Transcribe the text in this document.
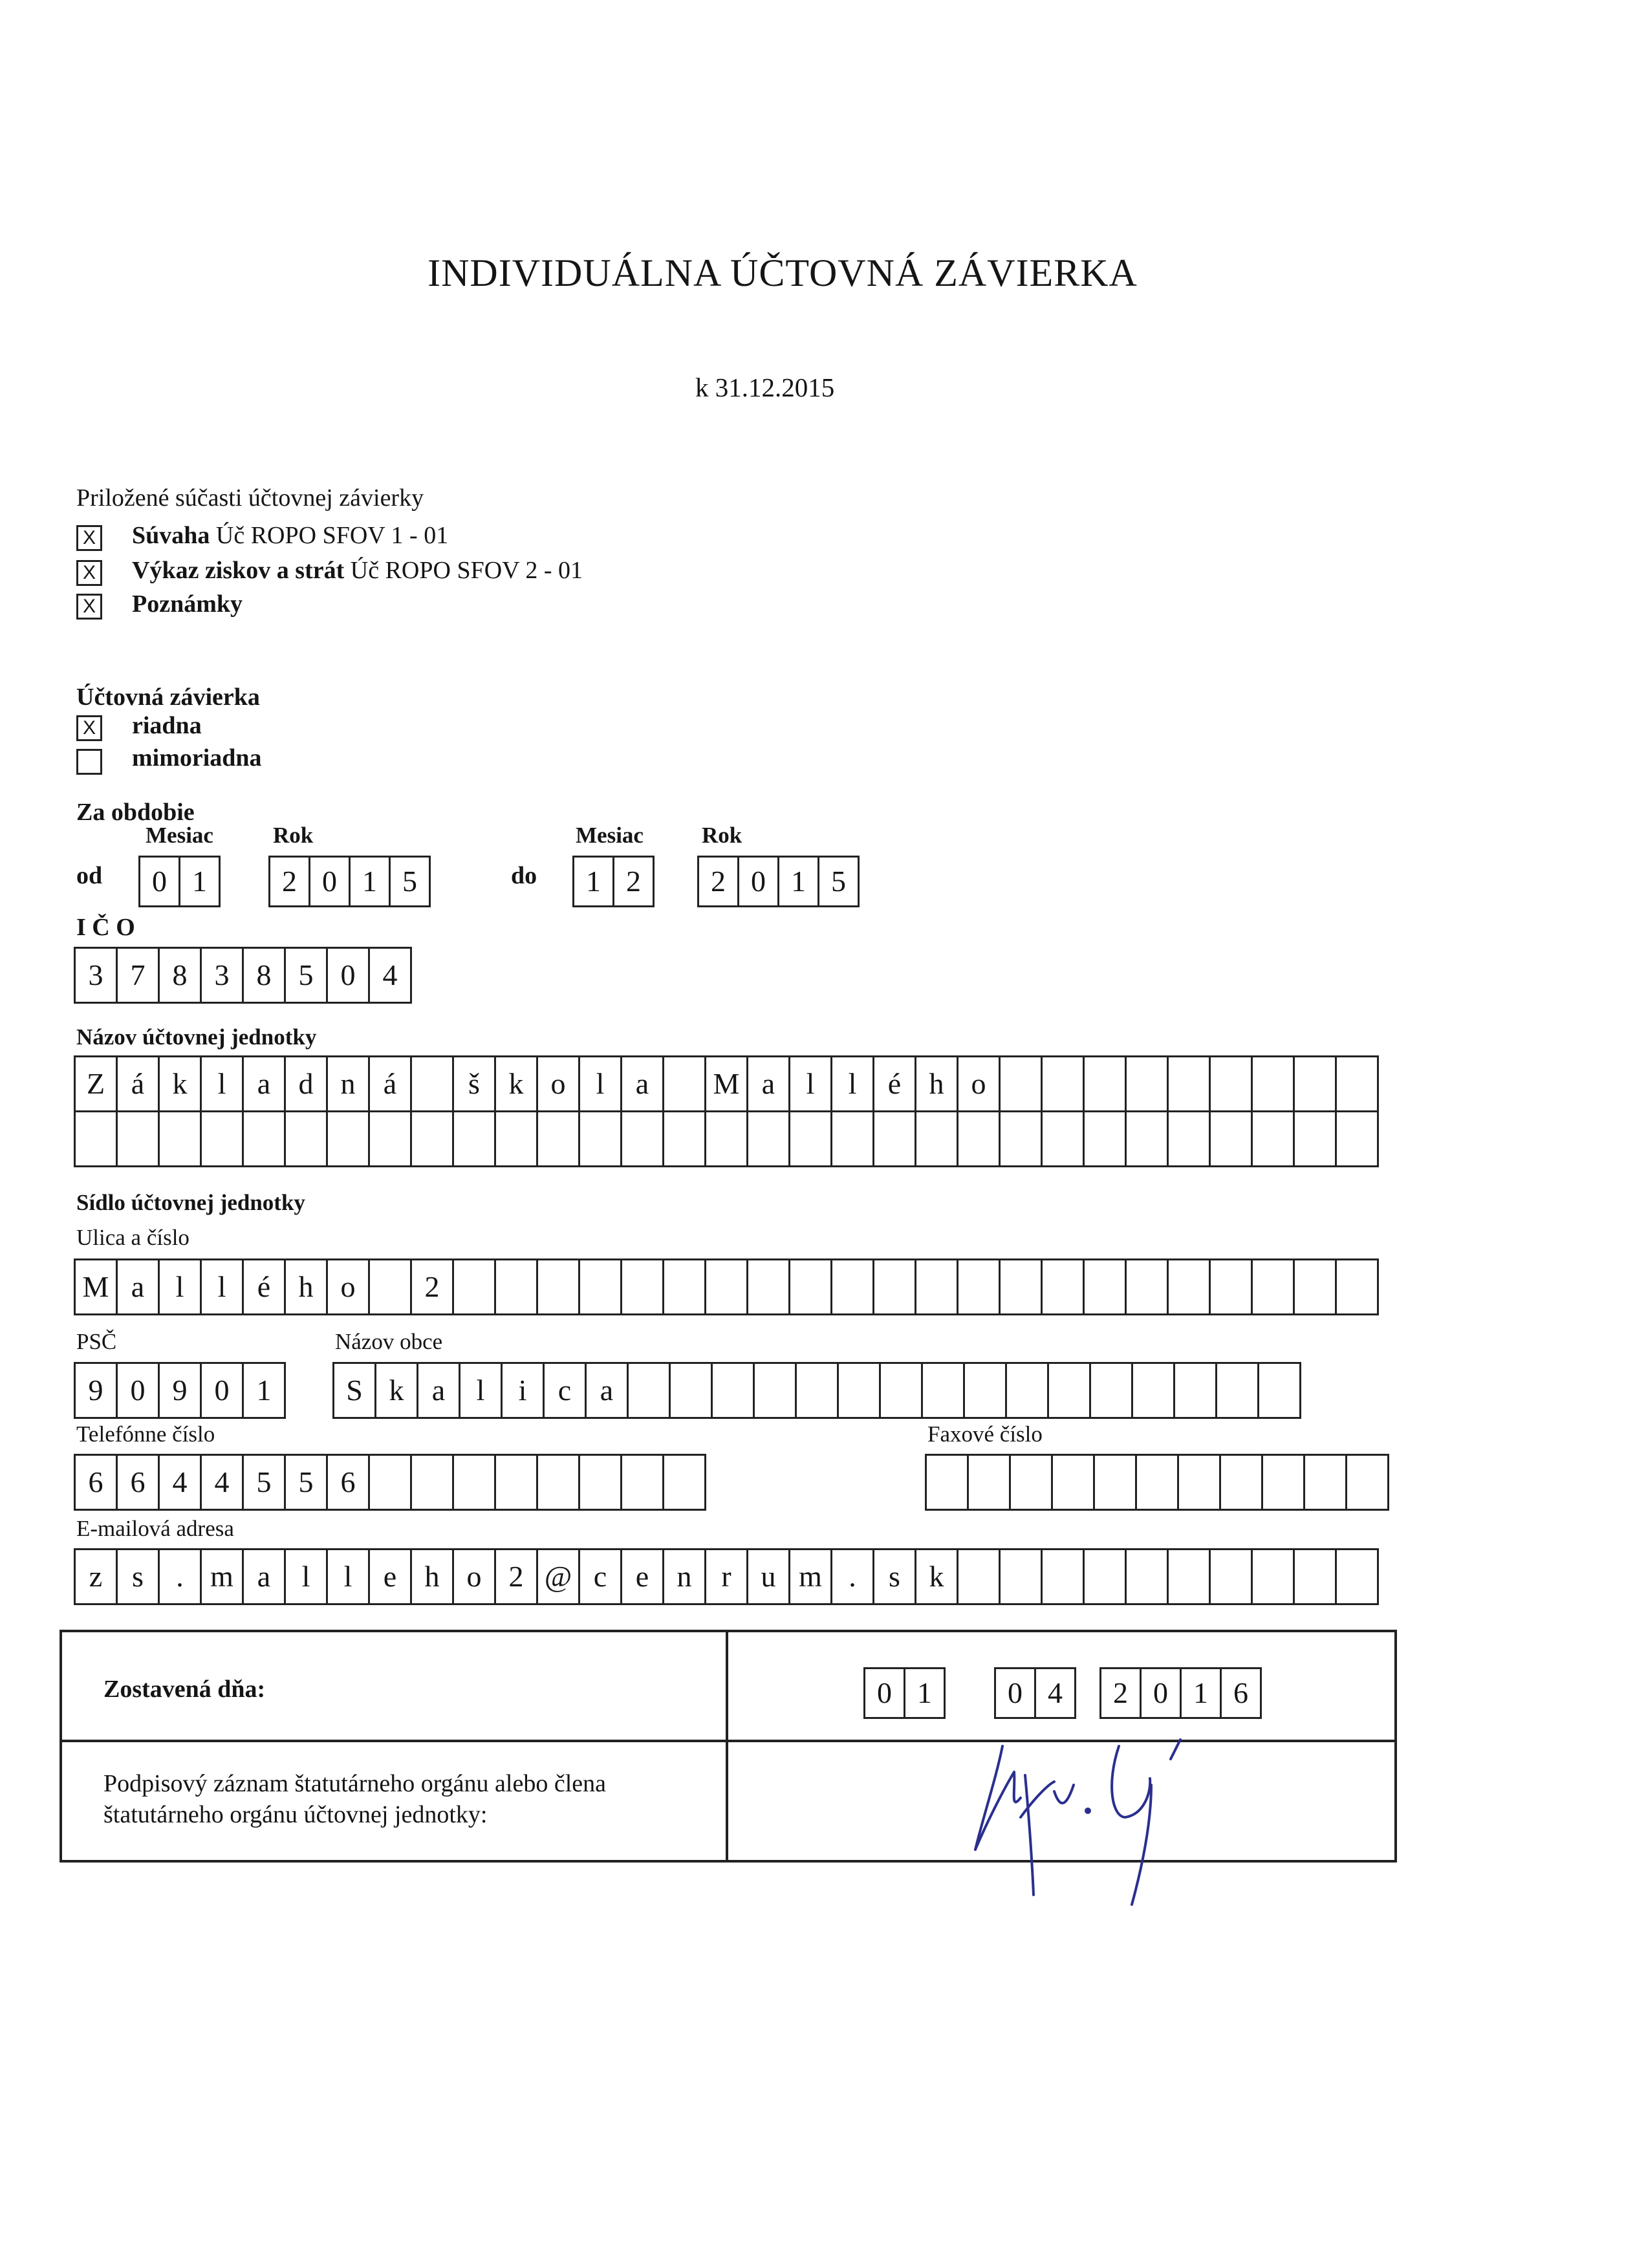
INDIVIDUÁLNA ÚČTOVNÁ ZÁVIERKA
k 31.12.2015
Priložené súčasti účtovnej závierky
X Súvaha Úč ROPO SFOV 1 - 01
X Výkaz ziskov a strát Úč ROPO SFOV 2 - 01
X Poznámky
Účtovná závierka
X riadna
mimoriadna
Za obdobie
Mesiac	Rok	Mesiac	Rok
od	0 1	2 0 1 5	do	1 2	2 0 1 5
I Č O
3 7 8 3 8 5 0 4
Názov účtovnej jednotky
Z á k	l	a d n á	š k o	l	a	M a	l	l	é h o
Sídlo účtovnej jednotky
Ulica a číslo
M a	l	l	é h o	2
PSČ
9 0 9 0 1
Názov obce
S k a	l	i	c a
Telefónne číslo
6 6 4 4 5 5 6
Faxové číslo
E-mailová adresa
z s	. m a	l	l	e h o 2 @ c e n r u m .	s k
Zostavená dňa:	0 1	0 4	2 0 1 6
Podpisový záznam štatutárneho orgánu alebo člena
štatutárneho orgánu účtovnej jednotky:
